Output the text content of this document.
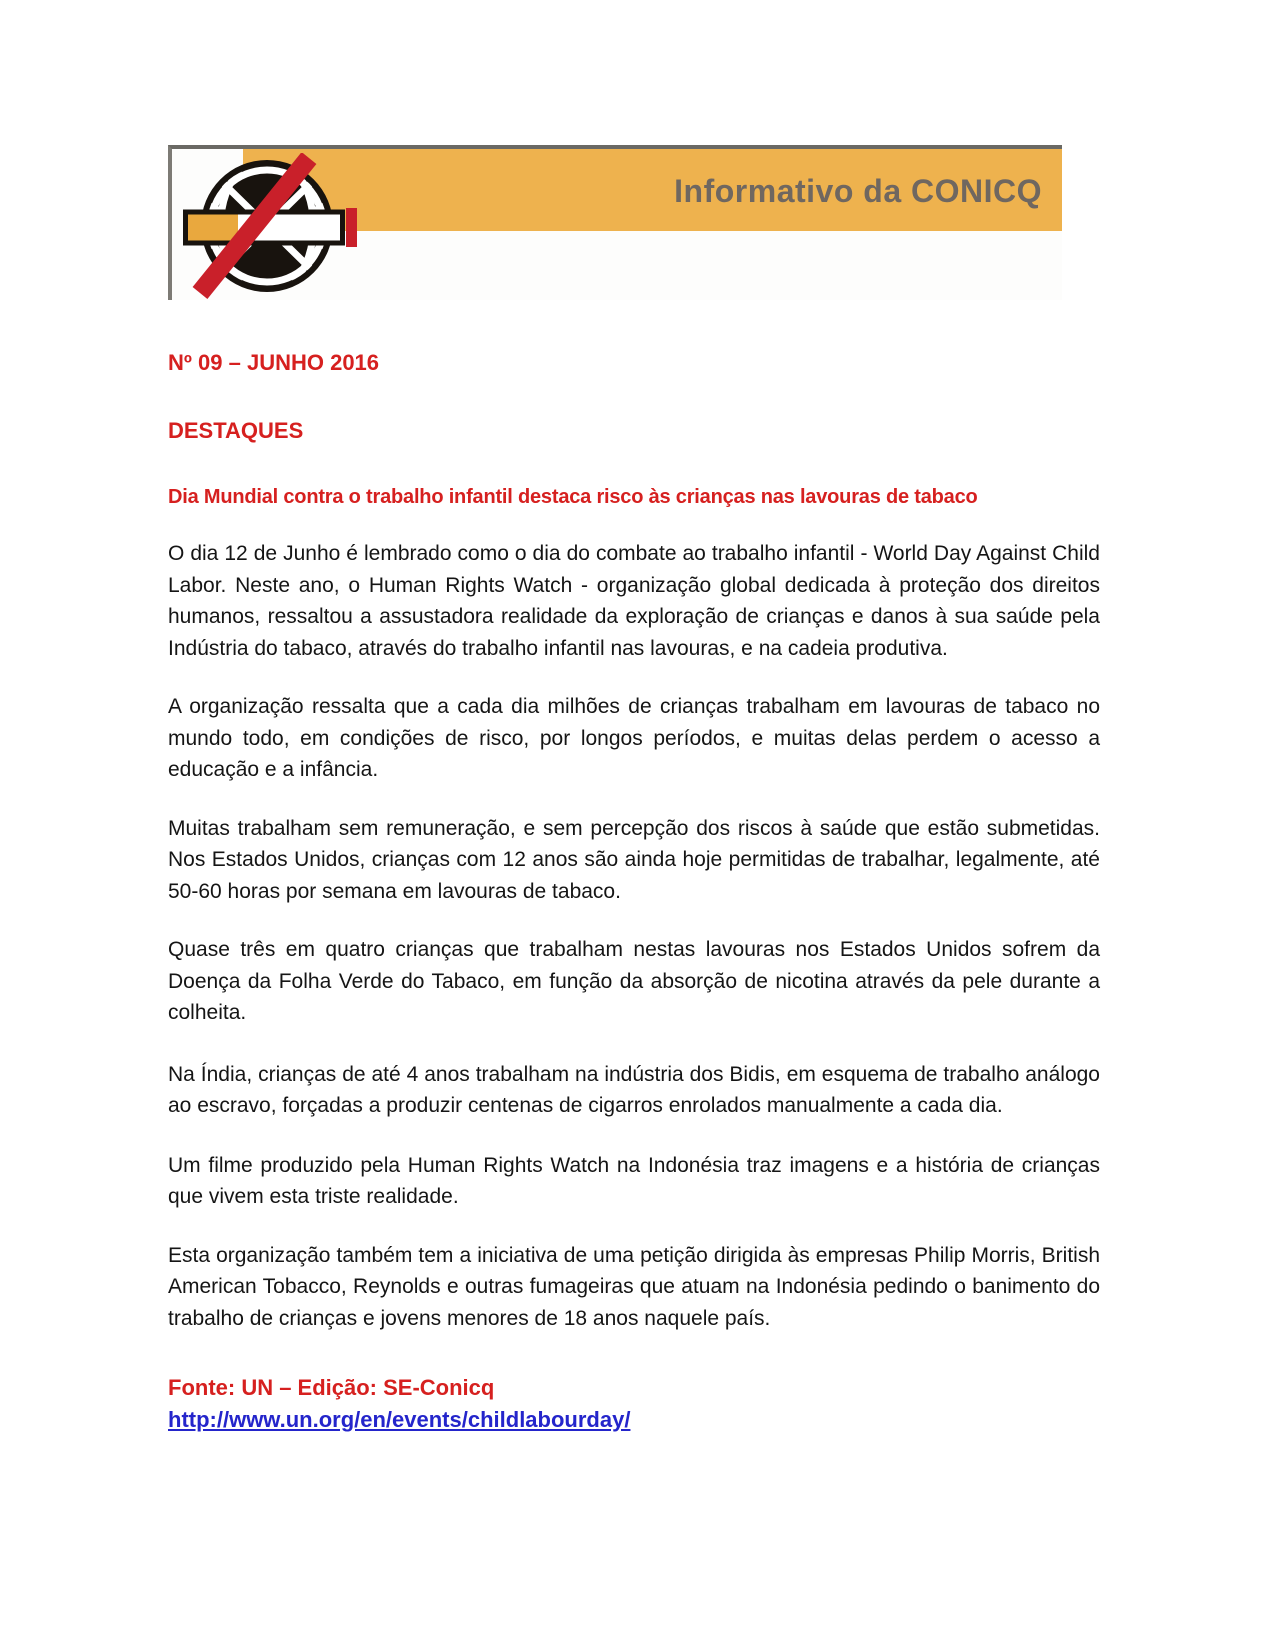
Informativo da CONICQ
Nº 09 – JUNHO 2016
DESTAQUES
Dia Mundial contra o trabalho infantil destaca risco às crianças nas lavouras de tabaco

O dia 12 de Junho é lembrado como o dia do combate ao trabalho infantil - World Day Against Child Labor. Neste ano, o Human Rights Watch - organização global dedicada à proteção dos direitos humanos, ressaltou a assustadora realidade da exploração de crianças e danos à sua saúde pela Indústria do tabaco, através do trabalho infantil nas lavouras, e na cadeia produtiva.

A organização ressalta que a cada dia milhões de crianças trabalham em lavouras de tabaco no mundo todo, em condições de risco, por longos períodos, e muitas delas perdem o acesso a educação e a infância.

Muitas trabalham sem remuneração, e sem percepção dos riscos à saúde que estão submetidas. Nos Estados Unidos, crianças com 12 anos são ainda hoje permitidas de trabalhar, legalmente, até 50-60 horas por semana em lavouras de tabaco.

Quase três em quatro crianças que trabalham nestas lavouras nos Estados Unidos sofrem da Doença da Folha Verde do Tabaco, em função da absorção de nicotina através da pele durante a colheita.

Na Índia, crianças de até 4 anos trabalham na indústria dos Bidis, em esquema de trabalho análogo ao escravo, forçadas a produzir centenas de cigarros enrolados manualmente a cada dia.

Um filme produzido pela Human Rights Watch na Indonésia traz imagens e a história de crianças que vivem esta triste realidade.

Esta organização também tem a iniciativa de uma petição dirigida às empresas Philip Morris, British American Tobacco, Reynolds e outras fumageiras que atuam na Indonésia pedindo o banimento do trabalho de crianças e jovens menores de 18 anos naquele país.

Fonte: UN – Edição: SE-Conicq
http://www.un.org/en/events/childlabourday/
